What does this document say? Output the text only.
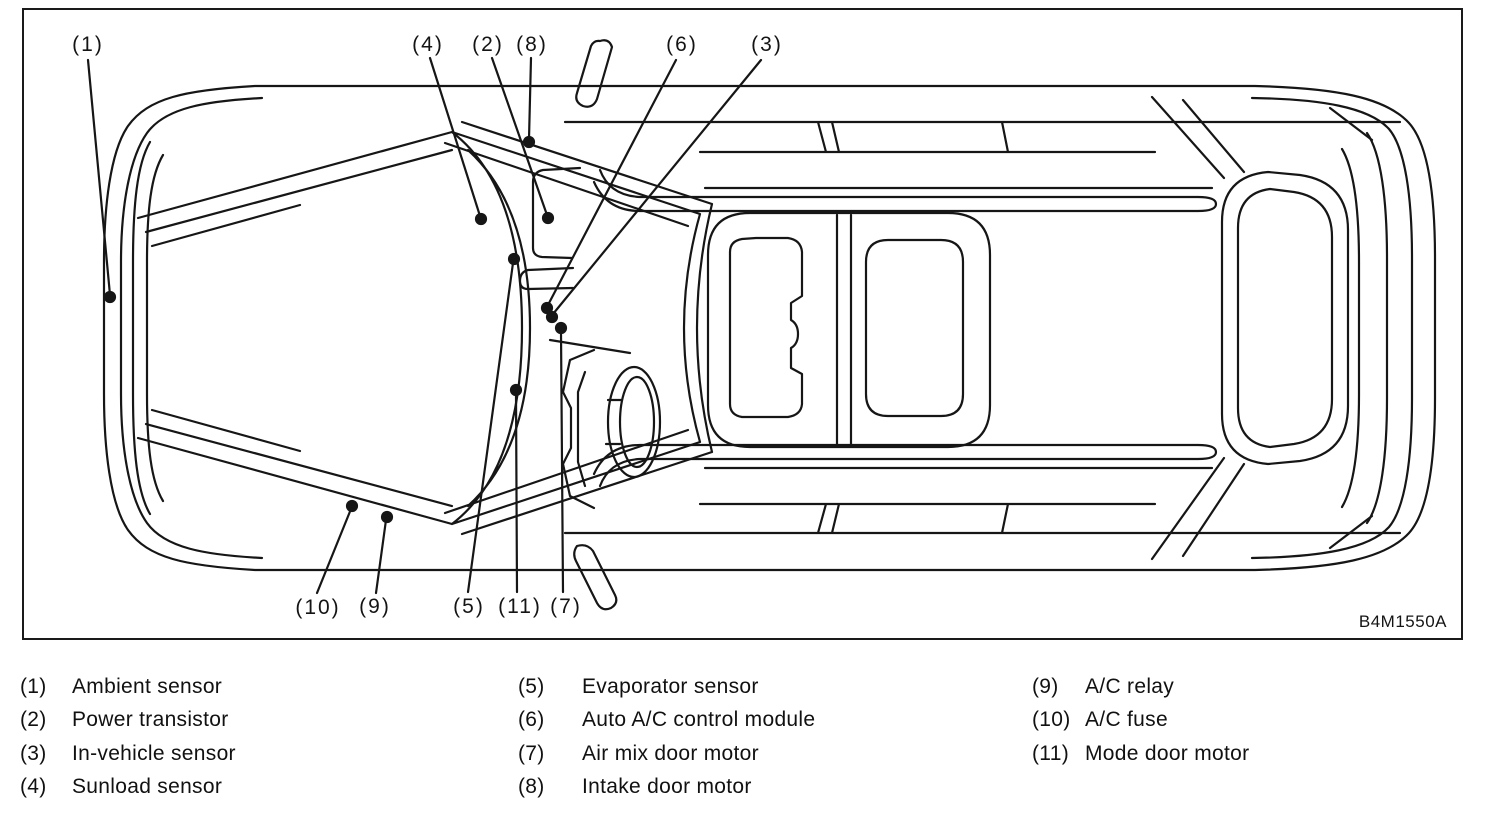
(1)	(4) (2) (8)	(6)	(3)
(10) (9)	(5) (11) (7)
B4M1550A
(1)	Ambient sensor
(2)	Power transistor
(3)	In-vehicle sensor
(4)	Sunload sensor
(5)	Evaporator sensor
(6)	Auto A/C control module
(7)	Air mix door motor
(8)	Intake door motor
(9)	A/C relay
(10) A/C fuse
(11) Mode door motor
